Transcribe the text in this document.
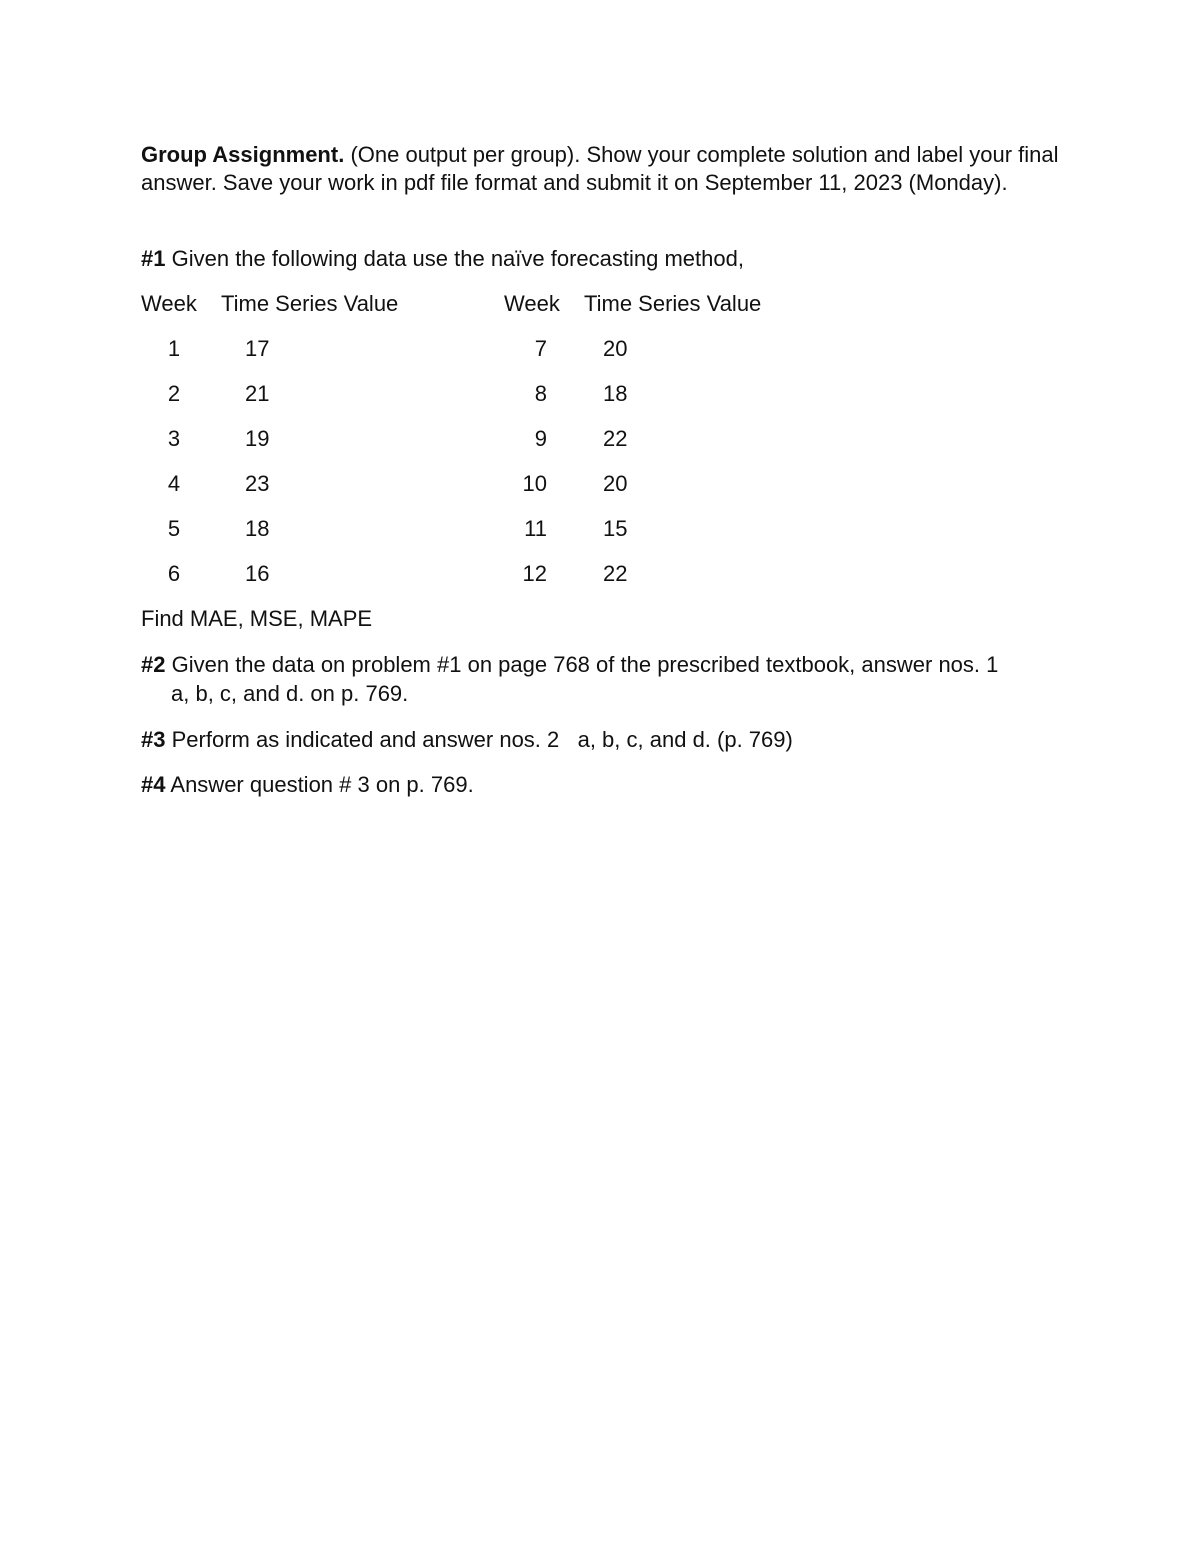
Group Assignment. (One output per group). Show your complete solution and label your final answer. Save your work in pdf file format and submit it on September 11, 2023 (Monday).

#1 Given the following data use the naïve forecasting method,

Week Time Series Value	Week Time Series Value
1	17	7	20
2	21	8	18
3	19	9	22
4	23	10	20
5	18	11	15
6	16	12	22

Find MAE, MSE, MAPE

#2 Given the data on problem #1 on page 768 of the prescribed textbook, answer nos. 1
a, b, c, and d. on p. 769.

#3 Perform as indicated and answer nos. 2   a, b, c, and d. (p. 769)

#4 Answer question # 3 on p. 769.
